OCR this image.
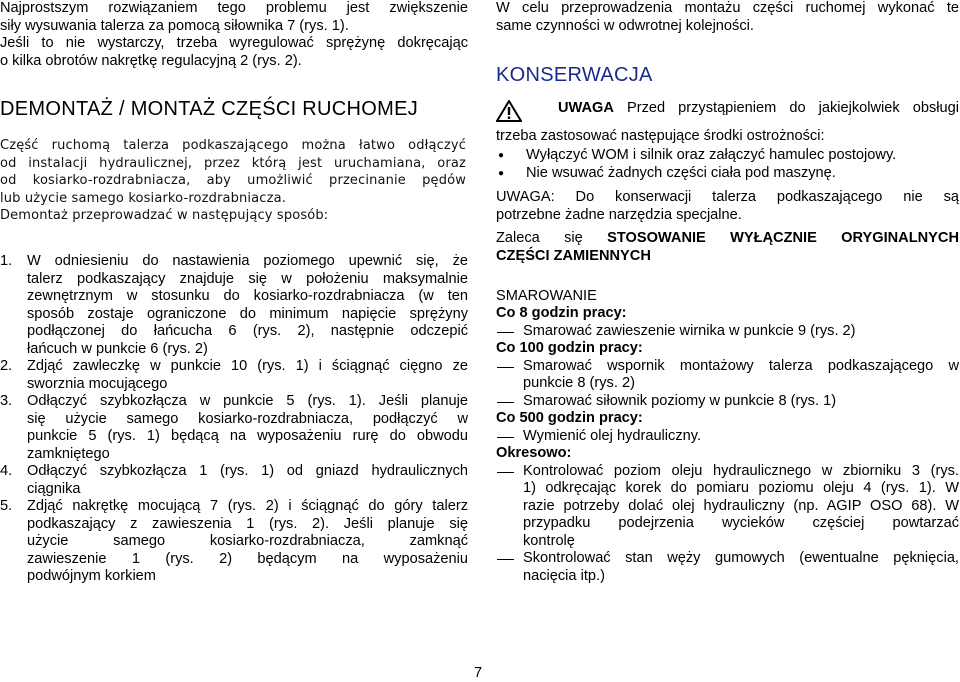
Najprostszym rozwiązaniem tego problemu jest zwiększenie

siły wysuwania talerza za pomocą siłownika 7 (rys. 1).

Jeśli to nie wystarczy, trzeba wyregulować sprężynę dokręcając

o kilka obrotów nakrętkę regulacyjną 2 (rys. 2).

DEMONTAŻ / MONTAŻ CZĘŚCI RUCHOMEJ
Część ruchomą talerza podkaszającego można łatwo odłączyć
od instalacji hydraulicznej, przez którą jest uruchamiana, oraz
od kosiarko-rozdrabniacza, aby umożliwić przecinanie pędów
lub użycie samego kosiarko-rozdrabniacza.
Demontaż przeprowadzać w następujący sposób:
1.	W odniesieniu do nastawienia poziomego upewnić się, że
talerz podkaszający znajduje się w położeniu maksymalnie
zewnętrznym w stosunku do kosiarko-rozdrabniacza (w ten
sposób zostaje ograniczone do minimum napięcie sprężyny
podłączonej do łańcucha 6 (rys. 2), następnie odczepić
łańcuch w punkcie 6 (rys. 2)
2.	Zdjąć zawleczkę w punkcie 10 (rys. 1) i ściągnąć cięgno ze
sworznia mocującego
3.	Odłączyć szybkozłącza w punkcie 5 (rys. 1). Jeśli planuje
się użycie samego kosiarko-rozdrabniacza, podłączyć w
punkcie 5 (rys. 1) będącą na wyposażeniu rurę do obwodu
zamkniętego
4.	Odłączyć szybkozłącza 1 (rys. 1) od gniazd hydraulicznych
ciągnika
5.	Zdjąć nakrętkę mocującą 7 (rys. 2) i ściągnąć do góry talerz
podkaszający z zawieszenia 1 (rys. 2). Jeśli planuje się
użycie samego kosiarko-rozdrabniacza, zamknąć
zawieszenie 1 (rys. 2) będącym na wyposażeniu
podwójnym korkiem

W celu przeprowadzenia montażu części ruchomej wykonać te

same czynności w odwrotnej kolejności.

KONSERWACJA
UWAGA Przed przystąpieniem do jakiejkolwiek obsługi
trzeba zastosować następujące środki ostrożności:
●	Wyłączyć WOM i silnik oraz załączyć hamulec postojowy.
●	Nie wsuwać żadnych części ciała pod maszynę.
UWAGA: Do konserwacji talerza podkaszającego nie są
potrzebne żadne narzędzia specjalne.
Zaleca się STOSOWANIE WYŁĄCZNIE ORYGINALNYCH
CZĘŚCI ZAMIENNYCH
SMAROWANIE
Co 8 godzin pracy:
Smarować zawieszenie wirnika w punkcie 9 (rys. 2)
Co 100 godzin pracy:
Smarować wspornik montażowy talerza podkaszającego w
punkcie 8 (rys. 2)
Smarować siłownik poziomy w punkcie 8 (rys. 1)
Co 500 godzin pracy:
Wymienić olej hydrauliczny.
Okresowo:
Kontrolować poziom oleju hydraulicznego w zbiorniku 3 (rys.
1) odkręcając korek do pomiaru poziomu oleju 4 (rys. 1). W
razie potrzeby dolać olej hydrauliczny (np. AGIP OSO 68). W
przypadku podejrzenia wycieków częściej powtarzać
kontrolę
Skontrolować stan węży gumowych (ewentualne pęknięcia,
nacięcia itp.)
7
